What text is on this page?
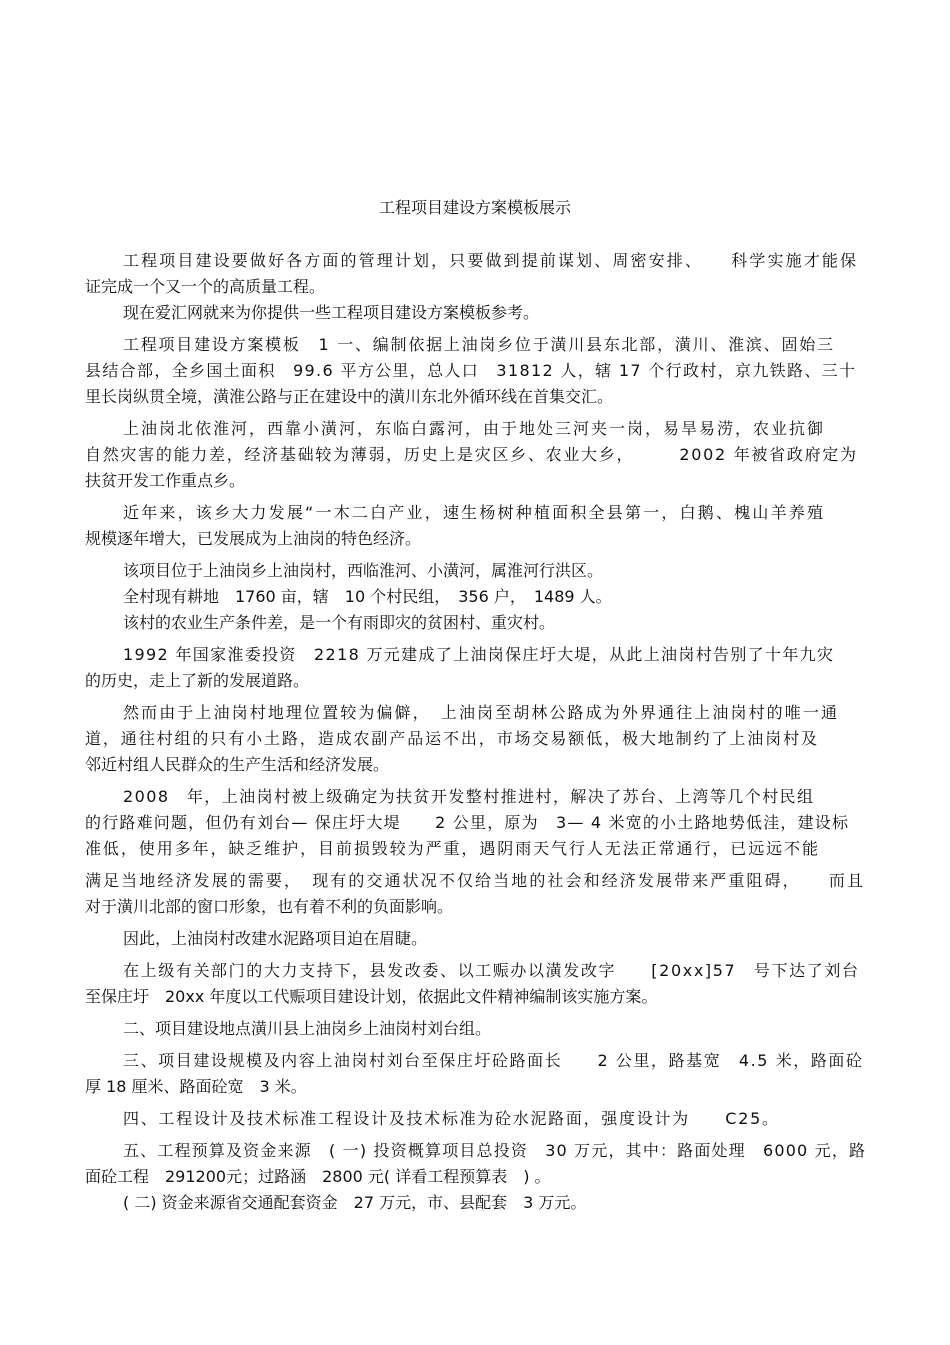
工程项目建设方案模板展示
工程项目建设要做好各方面的管理计划，只要做到提前谋划、周密安排、　　科学实施才能保
证完成一个又一个的高质量工程。
现在爱汇网就来为你提供一些工程项目建设方案模板参考。
工程项目建设方案模板　1 一、编制依据上油岗乡位于潢川县东北部，潢川、淮滨、固始三
县结合部，全乡国土面积　99.6 平方公里，总人口　31812 人，辖 17 个行政村，京九铁路、三十
里长岗纵贯全境，潢淮公路与正在建设中的潢川东北外循环线在首集交汇。
上油岗北依淮河，西靠小潢河，东临白露河，由于地处三河夹一岗，易旱易涝，农业抗御
自然灾害的能力差，经济基础较为薄弱，历史上是灾区乡、农业大乡，　　　2002 年被省政府定为
扶贫开发工作重点乡。
近年来，该乡大力发展“一木二白产业，速生杨树种植面积全县第一，白鹅、槐山羊养殖
规模逐年增大，已发展成为上油岗的特色经济。
该项目位于上油岗乡上油岗村，西临淮河、小潢河，属淮河行洪区。
全村现有耕地　1760 亩，辖　10 个村民组，　356 户，　1489 人。
该村的农业生产条件差，是一个有雨即灾的贫困村、重灾村。
1992 年国家淮委投资　2218 万元建成了上油岗保庄圩大堤，从此上油岗村告别了十年九灾
的历史，走上了新的发展道路。
然而由于上油岗村地理位置较为偏僻，　上油岗至胡林公路成为外界通往上油岗村的唯一通
道，通往村组的只有小土路，造成农副产品运不出，市场交易额低，极大地制约了上油岗村及
邻近村组人民群众的生产生活和经济发展。
2008　年，上油岗村被上级确定为扶贫开发整村推进村，解决了苏台、上湾等几个村民组
的行路难问题，但仍有刘台— 保庄圩大堤　　2 公里，原为　3— 4 米宽的小土路地势低洼，建设标
准低，使用多年，缺乏维护，目前损毁较为严重，遇阴雨天气行人无法正常通行，已远远不能
满足当地经济发展的需要，　现有的交通状况不仅给当地的社会和经济发展带来严重阻碍，　　而且
对于潢川北部的窗口形象，也有着不利的负面影响。
因此，上油岗村改建水泥路项目迫在眉睫。
在上级有关部门的大力支持下，县发改委、以工赈办以潢发改字　　[20xx]57　号下达了刘台
至保庄圩　20xx 年度以工代赈项目建设计划，依据此文件精神编制该实施方案。
二、项目建设地点潢川县上油岗乡上油岗村刘台组。
三、项目建设规模及内容上油岗村刘台至保庄圩砼路面长　　2 公里，路基宽　4.5 米，路面砼
厚 18 厘米、路面砼宽　3 米。
四、工程设计及技术标准工程设计及技术标准为砼水泥路面，强度设计为　　C25。
五、工程预算及资金来源　( 一) 投资概算项目总投资　30 万元，其中：路面处理　6000 元，路
面砼工程　291200元；过路涵　2800 元( 详看工程预算表　) 。
( 二) 资金来源省交通配套资金　27 万元，市、县配套　3 万元。
